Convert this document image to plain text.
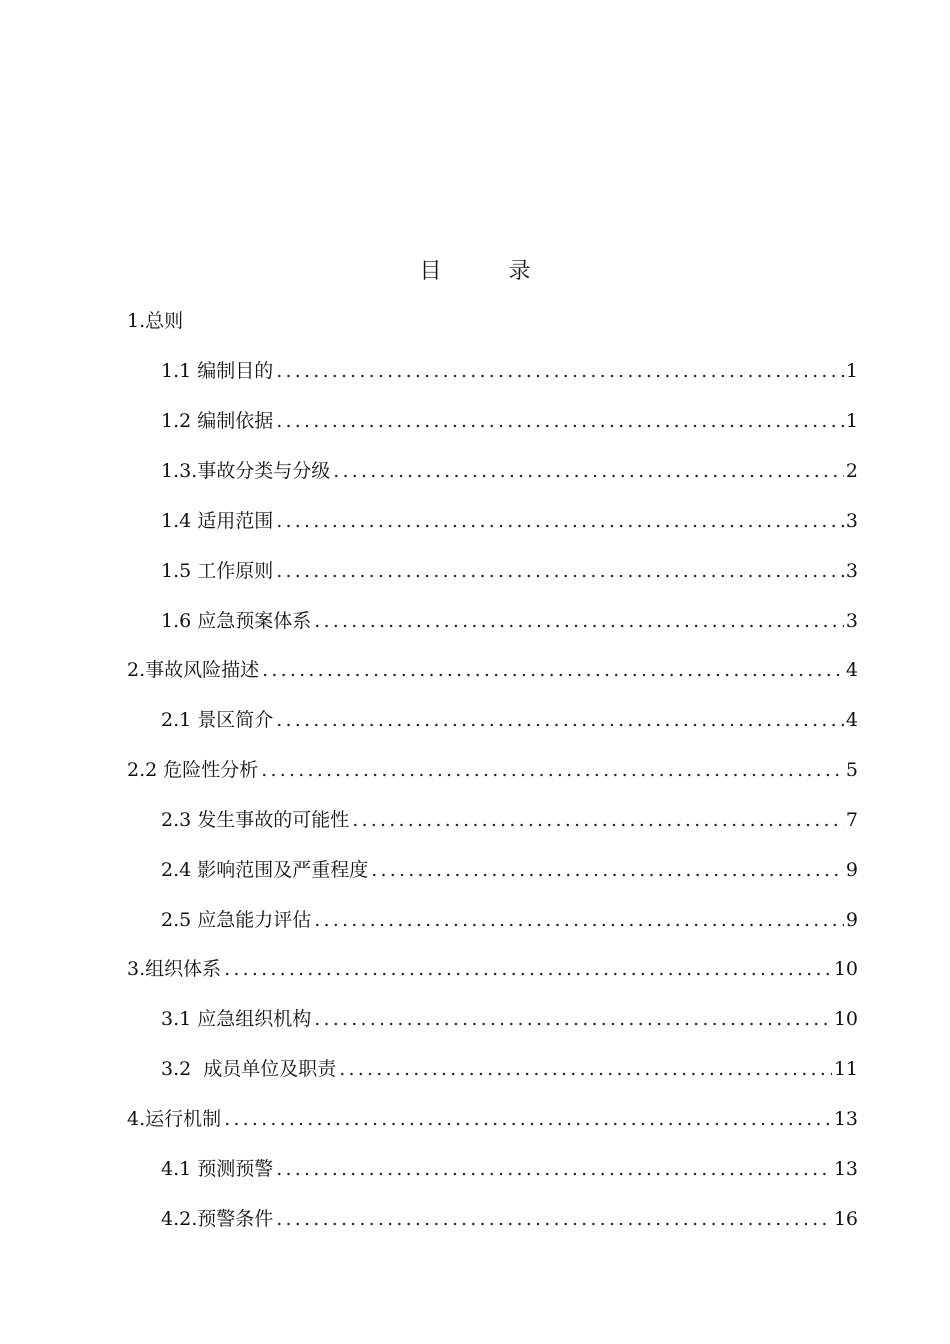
目	录
1.总则
1.1 编制目的 .....	1
1.2 编制依据 .....	1
1.3.事故分类与分级 .....	2
1.4 适用范围 .....	3
1.5 工作原则 .....	3
1.6 应急预案体系 .....	3
2.事故风险描述 .....	4
2.1 景区简介 .....	4
2.2 危险性分析 .....	5
2.3 发生事故的可能性 .....	7
2.4 影响范围及严重程度 .....	9
2.5 应急能力评估 .....	9
3.组织体系 .....	10
3.1 应急组织机构 .....	10
3.2  成员单位及职责 .....	11
4.运行机制 .....	13
4.1 预测预警 .....	13
4.2.预警条件 .....	16
